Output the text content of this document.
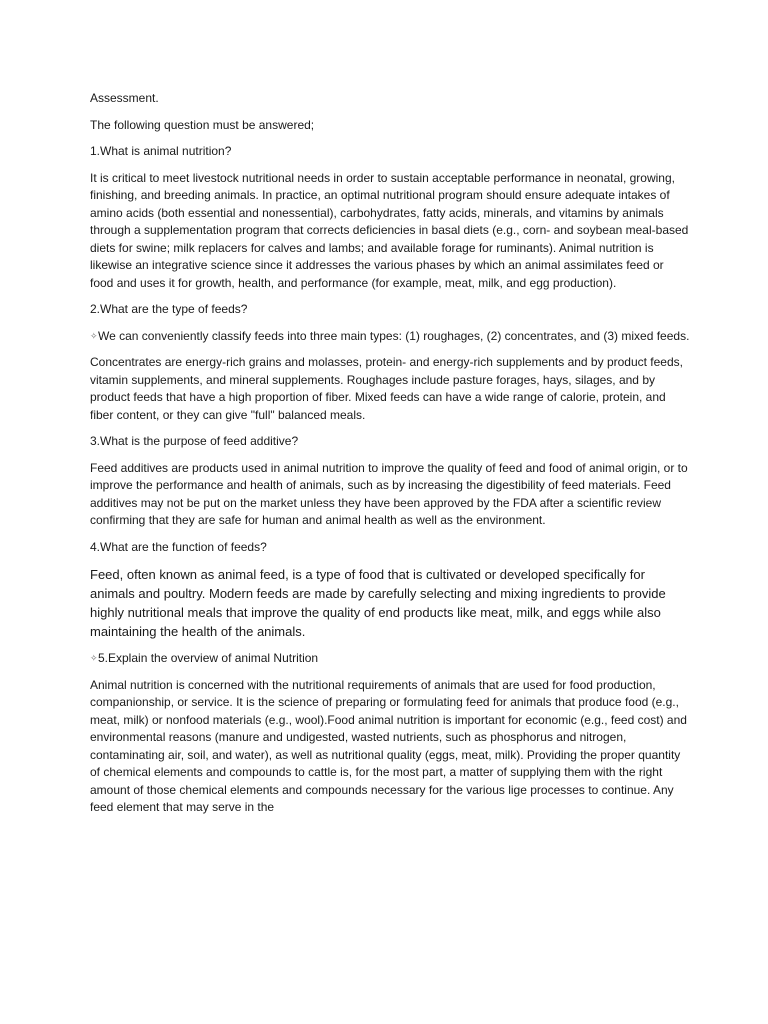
Assessment.

The following question must be answered;

1.What is animal nutrition?

It is critical to meet livestock nutritional needs in order to sustain acceptable performance in neonatal, growing, finishing, and breeding animals. In practice, an optimal nutritional program should ensure adequate intakes of amino acids (both essential and nonessential), carbohydrates, fatty acids, minerals, and vitamins by animals through a supplementation program that corrects deficiencies in basal diets (e.g., corn- and soybean meal-based diets for swine; milk replacers for calves and lambs; and available forage for ruminants). Animal nutrition is likewise an integrative science since it addresses the various phases by which an animal assimilates feed or food and uses it for growth, health, and performance (for example, meat, milk, and egg production).

2.What are the type of feeds?

✧We can conveniently classify feeds into three main types: (1) roughages, (2) concentrates, and (3) mixed feeds.

Concentrates are energy-rich grains and molasses, protein- and energy-rich supplements and by product feeds, vitamin supplements, and mineral supplements. Roughages include pasture forages, hays, silages, and by product feeds that have a high proportion of fiber. Mixed feeds can have a wide range of calorie, protein, and fiber content, or they can give "full" balanced meals.

3.What is the purpose of feed additive?

Feed additives are products used in animal nutrition to improve the quality of feed and food of animal origin, or to improve the performance and health of animals, such as by increasing the digestibility of feed materials. Feed additives may not be put on the market unless they have been approved by the FDA after a scientific review confirming that they are safe for human and animal health as well as the environment.

4.What are the function of feeds?

Feed, often known as animal feed, is a type of food that is cultivated or developed specifically for animals and poultry. Modern feeds are made by carefully selecting and mixing ingredients to provide highly nutritional meals that improve the quality of end products like meat, milk, and eggs while also maintaining the health of the animals.

✧5.Explain the overview of animal Nutrition

Animal nutrition is concerned with the nutritional requirements of animals that are used for food production, companionship, or service. It is the science of preparing or formulating feed for animals that produce food (e.g., meat, milk) or nonfood materials (e.g., wool).Food animal nutrition is important for economic (e.g., feed cost) and environmental reasons (manure and undigested, wasted nutrients, such as phosphorus and nitrogen, contaminating air, soil, and water), as well as nutritional quality (eggs, meat, milk). Providing the proper quantity of chemical elements and compounds to cattle is, for the most part, a matter of supplying them with the right amount of those chemical elements and compounds necessary for the various lige processes to continue. Any feed element that may serve in the
